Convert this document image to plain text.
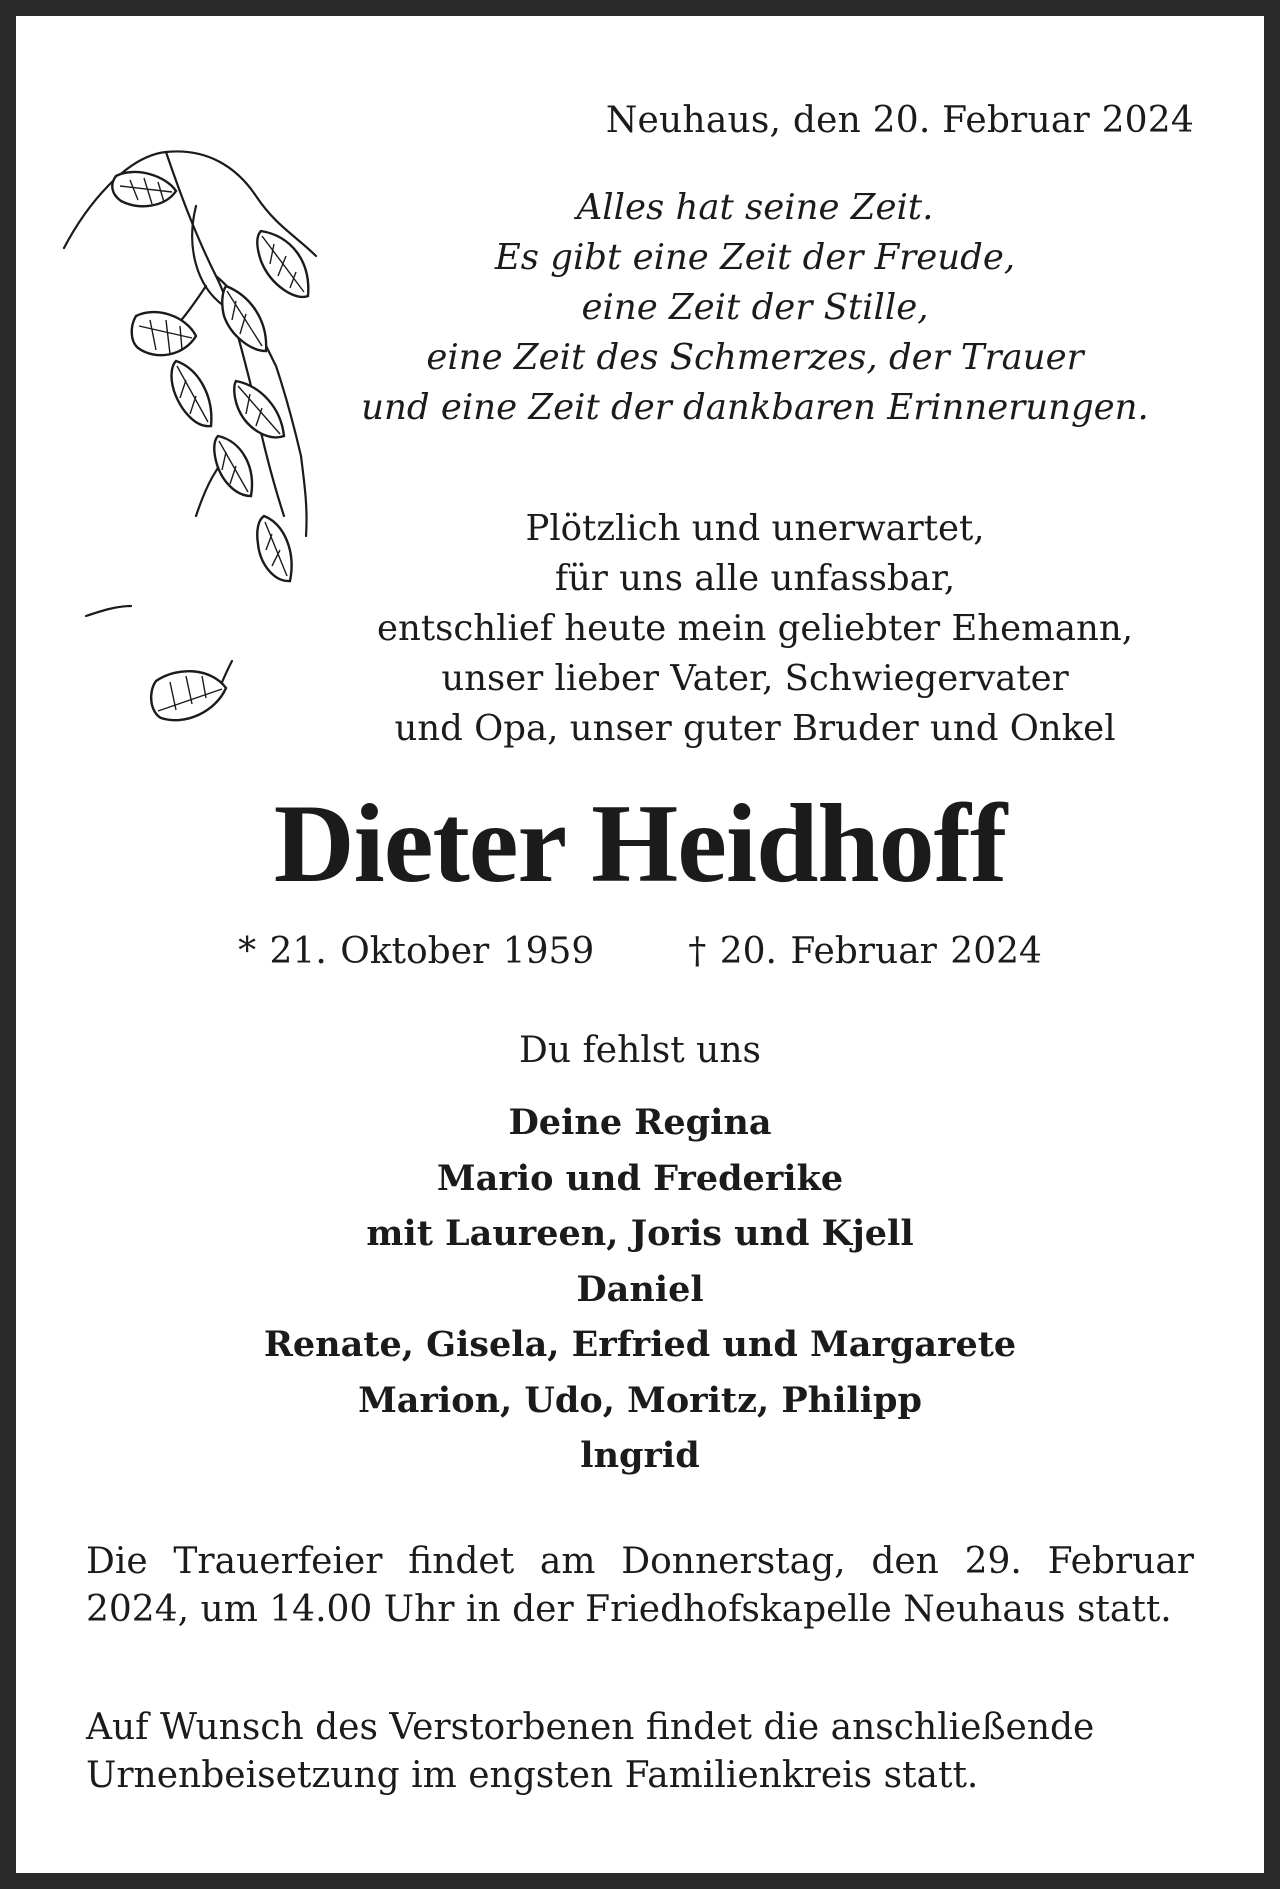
Neuhaus, den 20. Februar 2024
Alles hat seine Zeit.
Es gibt eine Zeit der Freude,
eine Zeit der Stille,
eine Zeit des Schmerzes, der Trauer
und eine Zeit der dankbaren Erinnerungen.
Plötzlich und unerwartet,
für uns alle unfassbar,
entschlief heute mein geliebter Ehemann,
unser lieber Vater, Schwiegervater
und Opa, unser guter Bruder und Onkel
Dieter Heidhoff
* 21. Oktober 1959	† 20. Februar 2024
Du fehlst uns
Deine Regina
Mario und Frederike
mit Laureen, Joris und Kjell
Daniel
Renate, Gisela, Erfried und Margarete
Marion, Udo, Moritz, Philipp
lngrid
Die Trauerfeier findet am Donnerstag, den 29. Februar 2024, um 14.00 Uhr in der Friedhofskapelle Neuhaus statt.
Auf Wunsch des Verstorbenen findet die anschließende Urnenbeisetzung im engsten Familienkreis statt.
